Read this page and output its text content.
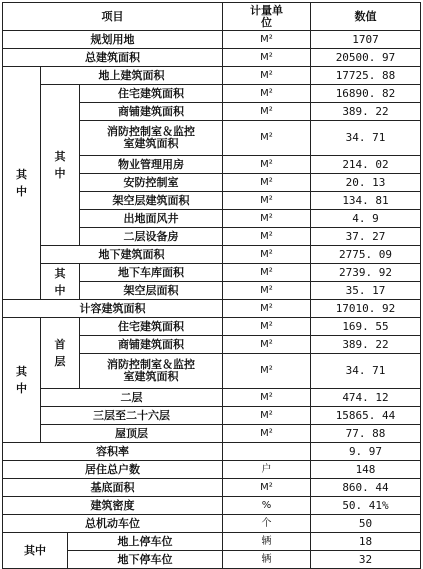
项目				计量单
位	数值
规划用地				M²	1707
总建筑面积				M²	20500. 97
其中	地上建筑面积			M²	17725. 88
	其中		住宅建筑面积	M²	16890. 82
			商铺建筑面积	M²	389. 22
			消防控制室＆监控
室建筑面积	M²	34. 71
			物业管理用房	M²	214. 02
			安防控制室	M²	20. 13
			架空层建筑面积	M²	134. 81
			出地面风井	M²	4. 9
			二层设备房	M²	37. 27
	地下建筑面积			M²	2775. 09
	其中		地下车库面积	M²	2739. 92
			架空层面积	M²	35. 17
计容建筑面积				M²	17010. 92
其中	首层		住宅建筑面积	M²	169. 55
			商铺建筑面积	M²	389. 22
			消防控制室＆监控
室建筑面积	M²	34. 71
	二层			M²	474. 12
	三层至二十六层			M²	15865. 44
	屋顶层			M²	77. 88
容积率					9. 97
居住总户数				户	148
基底面积				M²	860. 44
建筑密度				%	50. 41%
总机动车位				个	50
其中		地上停车位		辆	18
		地下停车位		辆	32
